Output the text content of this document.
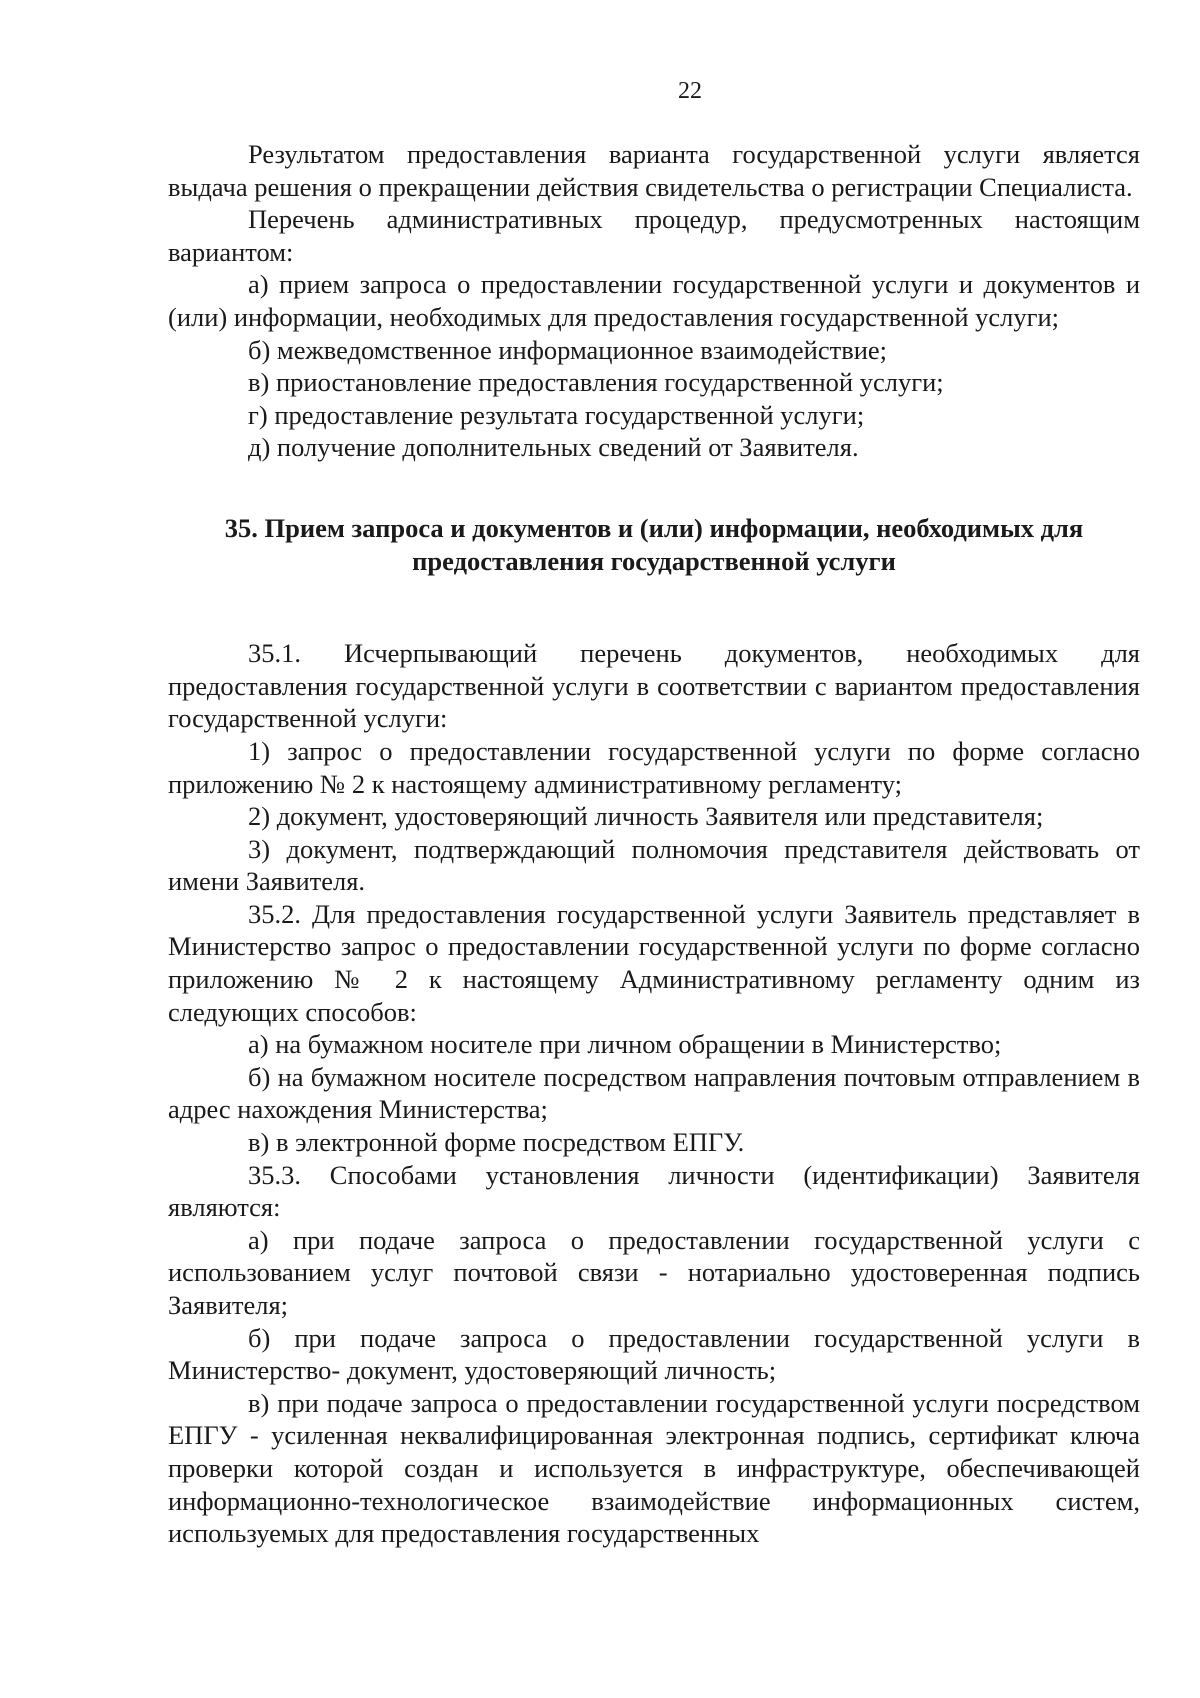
22

Результатом предоставления варианта государственной услуги является выдача решения о прекращении действия свидетельства о регистрации Специалиста.

Перечень административных процедур, предусмотренных настоящим вариантом:

а) прием запроса о предоставлении государственной услуги и документов и (или) информации, необходимых для предоставления государственной услуги;

б) межведомственное информационное взаимодействие;

в) приостановление предоставления государственной услуги;

г) предоставление результата государственной услуги;

д) получение дополнительных сведений от Заявителя.

35. Прием запроса и документов и (или) информации, необходимых для предоставления государственной услуги

35.1. Исчерпывающий перечень документов, необходимых для предоставления государственной услуги в соответствии с вариантом предоставления государственной услуги:

1) запрос о предоставлении государственной услуги по форме согласно приложению № 2 к настоящему административному регламенту;

2) документ, удостоверяющий личность Заявителя или представителя;

3) документ, подтверждающий полномочия представителя действовать от имени Заявителя.

35.2. Для предоставления государственной услуги Заявитель представляет в Министерство запрос о предоставлении государственной услуги по форме согласно приложению № 2 к настоящему Административному регламенту одним из следующих способов:

а) на бумажном носителе при личном обращении в Министерство;

б) на бумажном носителе посредством направления почтовым отправлением в адрес нахождения Министерства;

в) в электронной форме посредством ЕПГУ.

35.3. Способами установления личности (идентификации) Заявителя являются:

а) при подаче запроса о предоставлении государственной услуги с использованием услуг почтовой связи - нотариально удостоверенная подпись Заявителя;

б) при подаче запроса о предоставлении государственной услуги в Министерство- документ, удостоверяющий личность;

в) при подаче запроса о предоставлении государственной услуги посредством ЕПГУ - усиленная неквалифицированная электронная подпись, сертификат ключа проверки которой создан и используется в инфраструктуре, обеспечивающей информационно-технологическое взаимодействие информационных систем, используемых для предоставления государственных
